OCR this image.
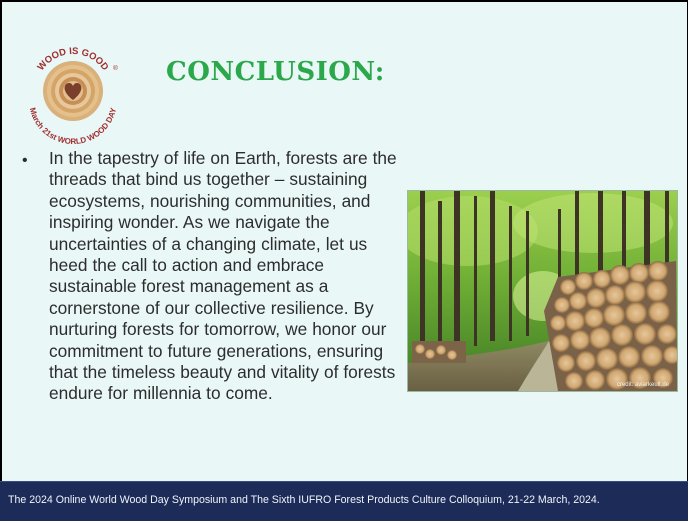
WOOD IS GOOD ®
March 21st WORLD WOOD DAY
CONCLUSION:
• In the tapestry of life on Earth, forests are the threads that bind us together – sustaining ecosystems, nourishing communities, and inspiring wonder. As we navigate the uncertainties of a changing climate, let us heed the call to action and embrace sustainable forest management as a cornerstone of our collective resilience. By nurturing forests for tomorrow, we honor our commitment to future generations, ensuring that the timeless beauty and vitality of forests endure for millennia to come.	credit: aviarkeult.de
The 2024 Online World Wood Day Symposium and The Sixth IUFRO Forest Products Culture Colloquium, 21-22 March, 2024.
